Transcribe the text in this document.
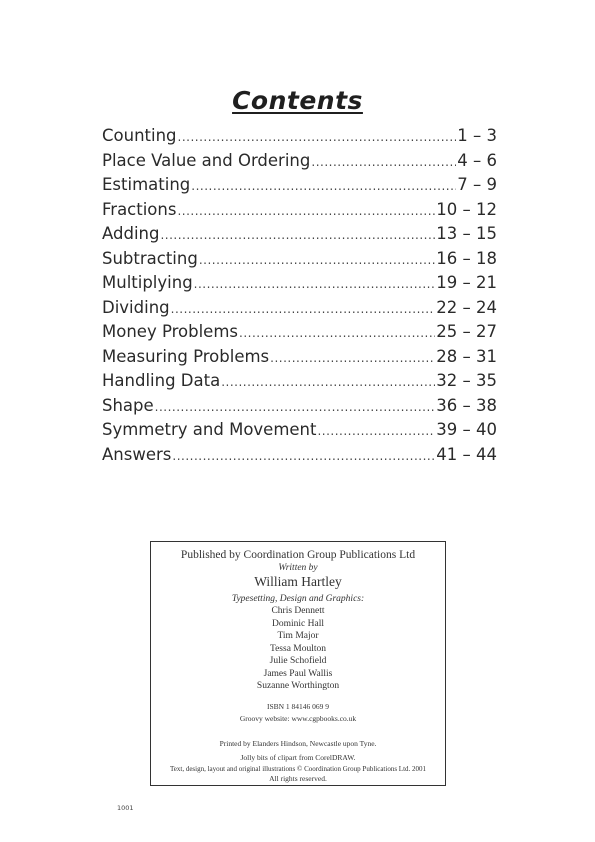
Contents
Counting .....	1 – 3
Place Value and Ordering .....	4 – 6
Estimating .....	7 – 9
Fractions .....	10 – 12
Adding .....	13 – 15
Subtracting .....	16 – 18
Multiplying .....	19 – 21
Dividing .....	22 – 24
Money Problems .....	25 – 27
Measuring Problems .....	28 – 31
Handling Data .....	32 – 35
Shape .....	36 – 38
Symmetry and Movement .....	39 – 40
Answers .....	41 – 44
Published by Coordination Group Publications Ltd
Written by
William Hartley
Typesetting, Design and Graphics:
Chris Dennett
Dominic Hall
Tim Major
Tessa Moulton
Julie Schofield
James Paul Wallis
Suzanne Worthington
ISBN 1 84146 069 9
Groovy website: www.cgpbooks.co.uk
Printed by Elanders Hindson, Newcastle upon Tyne.
Jolly bits of clipart from CorelDRAW.
Text, design, layout and original illustrations © Coordination Group Publications Ltd. 2001
All rights reserved.
1001
